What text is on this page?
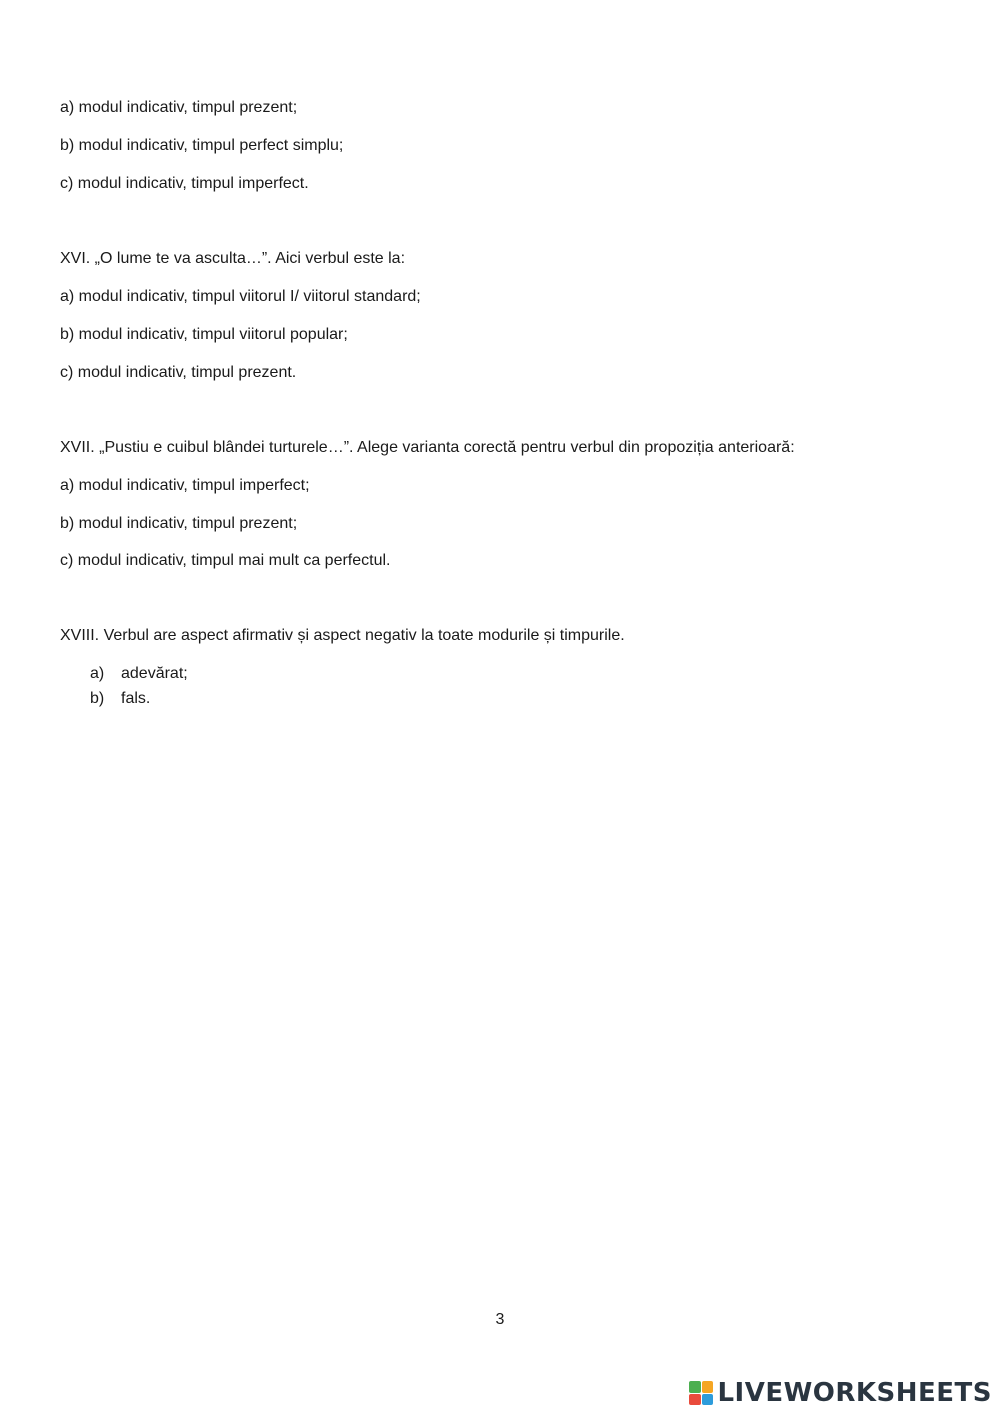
a) modul indicativ, timpul prezent;
b) modul indicativ, timpul perfect simplu;
c) modul indicativ, timpul imperfect.
XVI. „O lume te va asculta…”. Aici verbul este la:
a) modul indicativ, timpul viitorul I/ viitorul standard;
b) modul indicativ, timpul viitorul popular;
c) modul indicativ, timpul prezent.
XVII. „Pustiu e cuibul blândei turturele…”. Alege varianta corectă pentru verbul din propoziția anterioară:
a) modul indicativ, timpul imperfect;
b) modul indicativ, timpul prezent;
c) modul indicativ, timpul mai mult ca perfectul.
XVIII. Verbul are aspect afirmativ și aspect negativ la toate modurile și timpurile.
a) adevărat;
b) fals.
3
LIVEWORKSHEETS
